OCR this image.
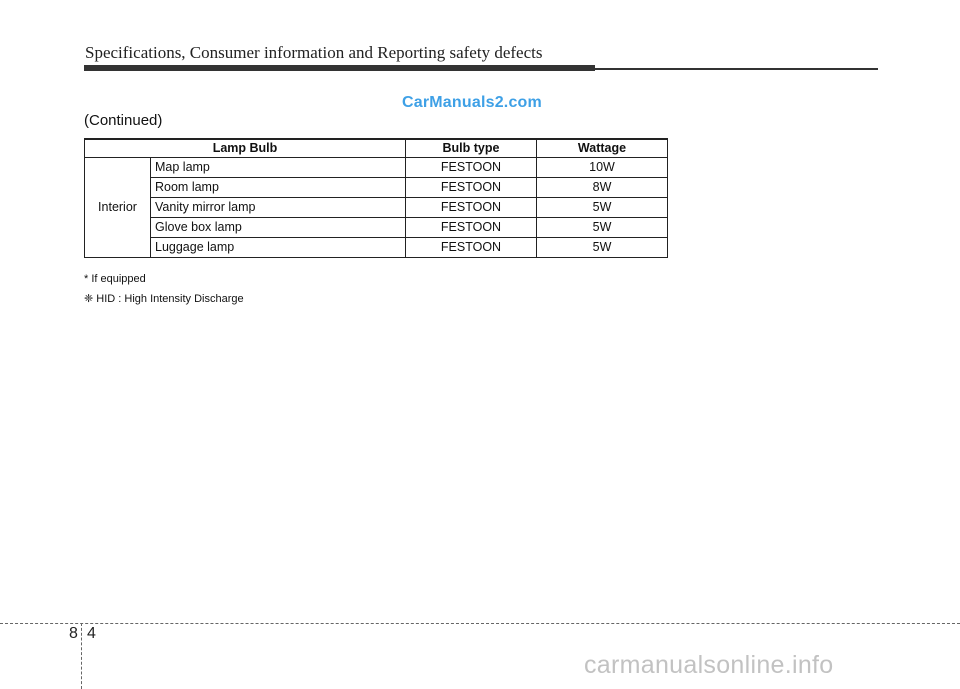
Specifications, Consumer information and Reporting safety defects
CarManuals2.com
(Continued)
Lamp Bulb		Bulb type	Wattage
Interior	Map lamp	FESTOON	10W
	Room lamp	FESTOON	8W
	Vanity mirror lamp	FESTOON	5W
	Glove box lamp	FESTOON	5W
	Luggage lamp	FESTOON	5W
* If equipped
❈ HID : High Intensity Discharge
8 4
carmanualsonline.info
